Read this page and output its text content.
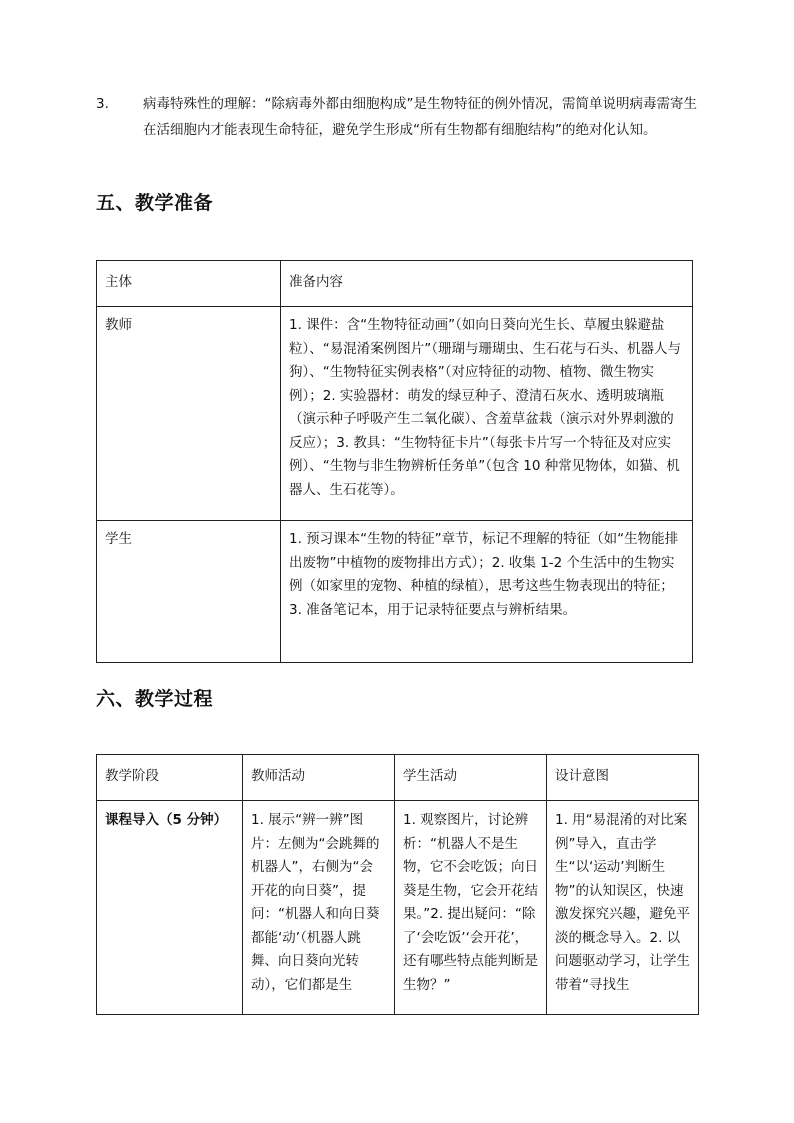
3.	病毒特殊性的理解：“除病毒外都由细胞构成”是生物特征的例外情况，需简单说明病毒需寄生在活细胞内才能表现生命特征，避免学生形成“所有生物都有细胞结构”的绝对化认知。
五、教学准备
主体	准备内容
教师	1. 课件：含“生物特征动画”（如向日葵向光生长、草履虫躲避盐粒）、“易混淆案例图片”（珊瑚与珊瑚虫、生石花与石头、机器人与狗）、“生物特征实例表格”（对应特征的动物、植物、微生物实例）；2. 实验器材：萌发的绿豆种子、澄清石灰水、透明玻璃瓶（演示种子呼吸产生二氧化碳）、含羞草盆栽（演示对外界刺激的反应）；3. 教具：“生物特征卡片”（每张卡片写一个特征及对应实例）、“生物与非生物辨析任务单”（包含 10 种常见物体，如猫、机器人、生石花等）。
学生	1. 预习课本“生物的特征”章节，标记不理解的特征（如“生物能排出废物”中植物的废物排出方式）；2. 收集 1-2 个生活中的生物实例（如家里的宠物、种植的绿植），思考这些生物表现出的特征；3. 准备笔记本，用于记录特征要点与辨析结果。
六、教学过程
教学阶段	教师活动	学生活动	设计意图
课程导入（5 分钟）	1. 展示“辨一辨”图片：左侧为“会跳舞的机器人”，右侧为“会开花的向日葵”，提问：“机器人和向日葵都能‘动’（机器人跳舞、向日葵向光转动），它们都是生	1. 观察图片，讨论辨析：“机器人不是生物，它不会吃饭；向日葵是生物，它会开花结果。”2. 提出疑问：“除了‘会吃饭’‘会开花’，还有哪些特点能判断是生物？”	1. 用“易混淆的对比案例”导入，直击学生“以‘运动’判断生物”的认知误区，快速激发探究兴趣，避免平淡的概念导入。2. 以问题驱动学习，让学生带着“寻找生
